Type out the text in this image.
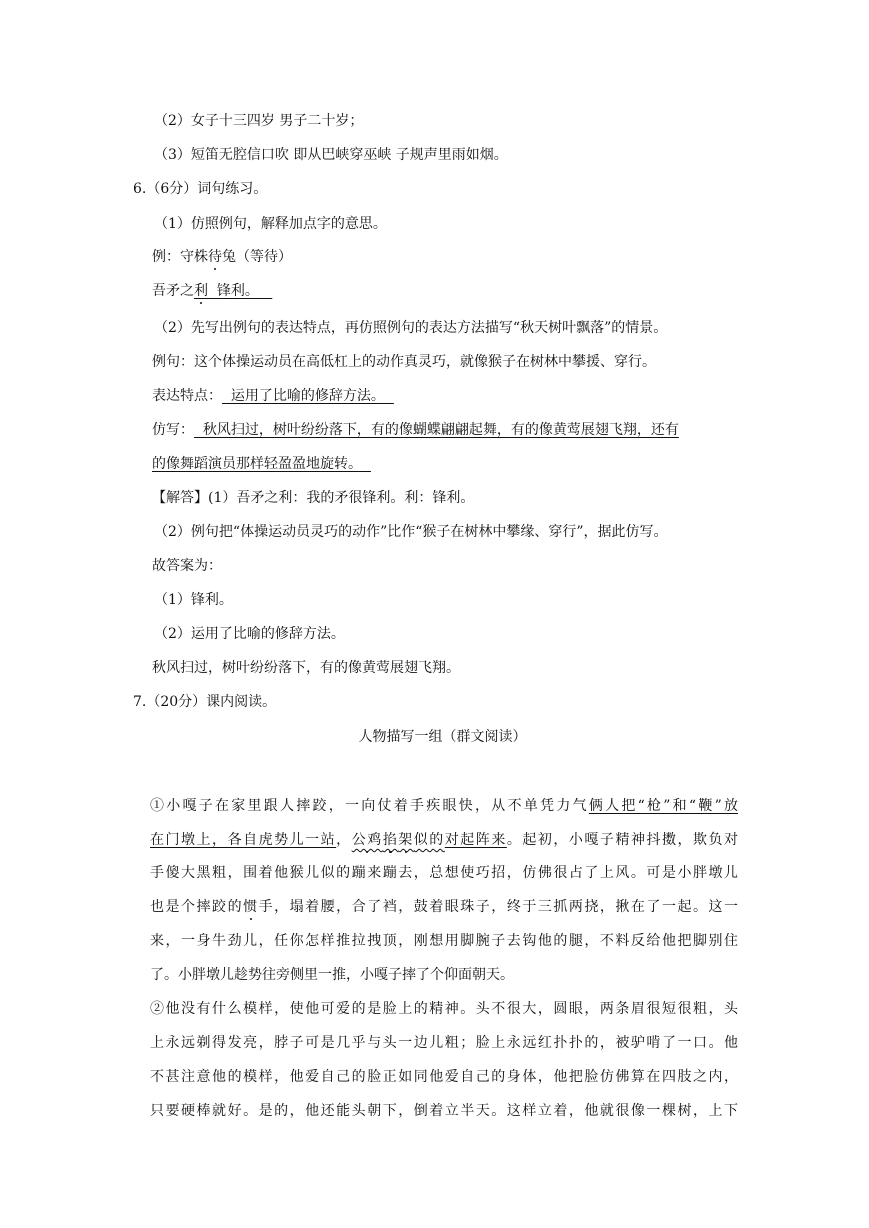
（2）女子十三四岁 男子二十岁；
（3）短笛无腔信口吹 即从巴峡穿巫峡 子规声里雨如烟。
6.（6分）词句练习。
（1）仿照例句，解释加点字的意思。
例：守株待兔（等待）
吾矛之利  锋利。
（2）先写出例句的表达特点，再仿照例句的表达方法描写“秋天树叶飘落”的情景。
例句：这个体操运动员在高低杠上的动作真灵巧，就像猴子在树林中攀援、穿行。
表达特点：  运用了比喻的修辞方法。
仿写：  秋风扫过，树叶纷纷落下，有的像蝴蝶翩翩起舞，有的像黄莺展翅飞翔，还有
的像舞蹈演员那样轻盈盈地旋转。
【解答】(1）吾矛之利：我的矛很锋利。利：锋利。
（2）例句把“体操运动员灵巧的动作”比作“猴子在树林中攀缘、穿行”，据此仿写。
故答案为：
（1）锋利。
（2）运用了比喻的修辞方法。
秋风扫过，树叶纷纷落下，有的像黄莺展翅飞翔。
7.（20分）课内阅读。
人物描写一组（群文阅读）
①小嘎子在家里跟人摔跤，一向仗着手疾眼快，从不单凭力气俩人把“枪”和“鞭”放
在门墩上，各自虎势儿一站，公鸡掐架似的对起阵来。起初，小嘎子精神抖擞，欺负对
手傻大黑粗，围着他猴儿似的蹦来蹦去，总想使巧招，仿佛很占了上风。可是小胖墩儿
也是个摔跤的惯手，塌着腰，合了裆，鼓着眼珠子，终于三抓两挠，揪在了一起。这一
来，一身牛劲儿，任你怎样推拉拽顶，刚想用脚腕子去钩他的腿，不料反给他把脚别住
了。小胖墩儿趁势往旁侧里一推，小嘎子摔了个仰面朝天。
②他没有什么模样，使他可爱的是脸上的精神。头不很大，圆眼，两条眉很短很粗，头
上永远剃得发亮，脖子可是几乎与头一边儿粗；脸上永远红扑扑的，被驴啃了一口。他
不甚注意他的模样，他爱自己的脸正如同他爱自己的身体，他把脸仿佛算在四肢之内，
只要硬棒就好。是的，他还能头朝下，倒着立半天。这样立着，他就很像一棵树，上下
